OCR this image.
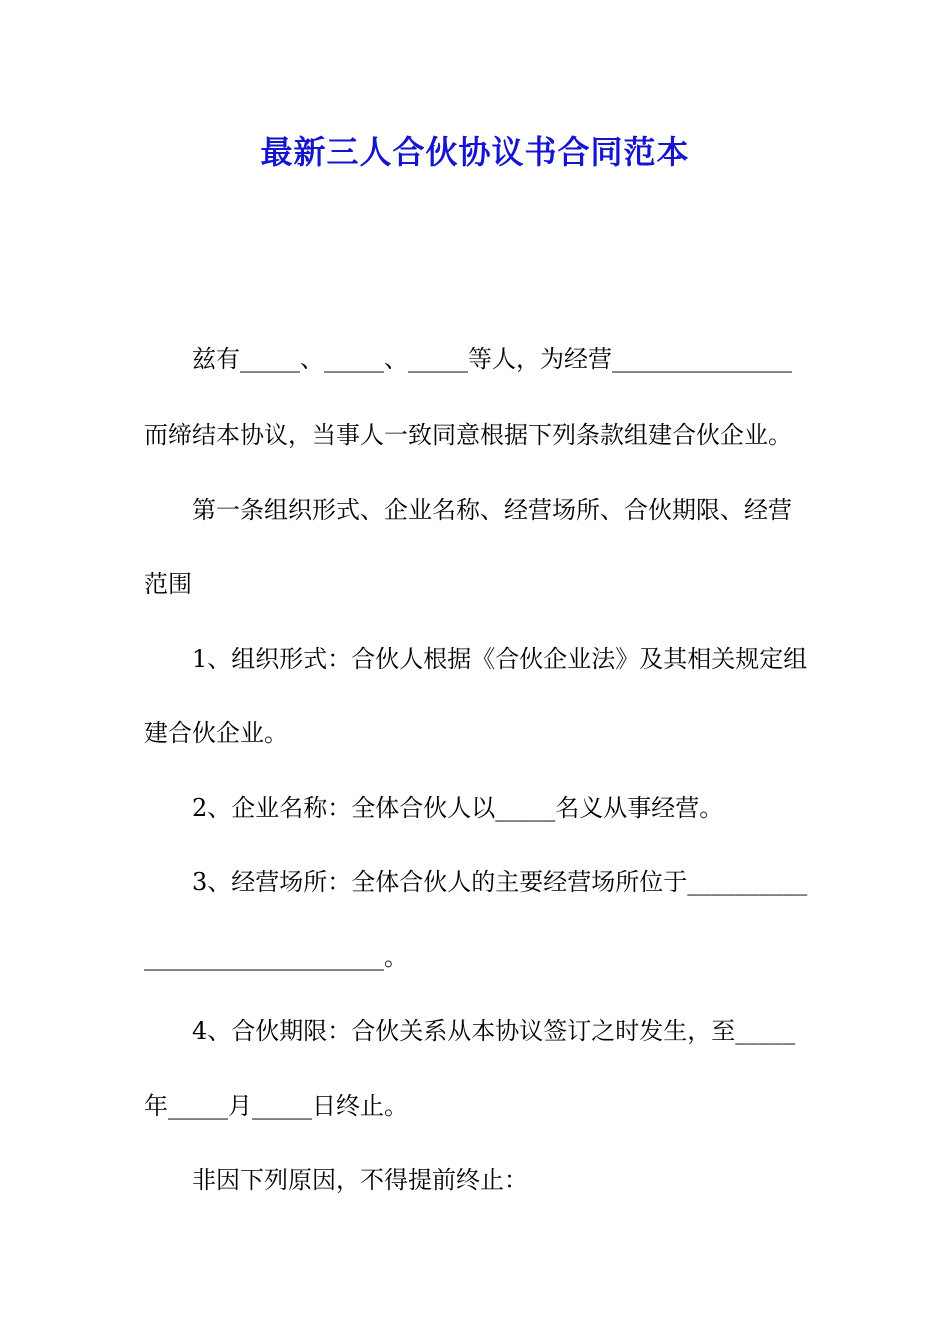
最新三人合伙协议书合同范本
兹有_____、_____、_____等人，为经营_______________
而缔结本协议，当事人一致同意根据下列条款组建合伙企业。
第一条组织形式、企业名称、经营场所、合伙期限、经营
范围
1、组织形式：合伙人根据《合伙企业法》及其相关规定组
建合伙企业。
2、企业名称：全体合伙人以_____名义从事经营。
3、经营场所：全体合伙人的主要经营场所位于__________
____________________。
4、合伙期限：合伙关系从本协议签订之时发生，至_____
年_____月_____日终止。
非因下列原因，不得提前终止：
